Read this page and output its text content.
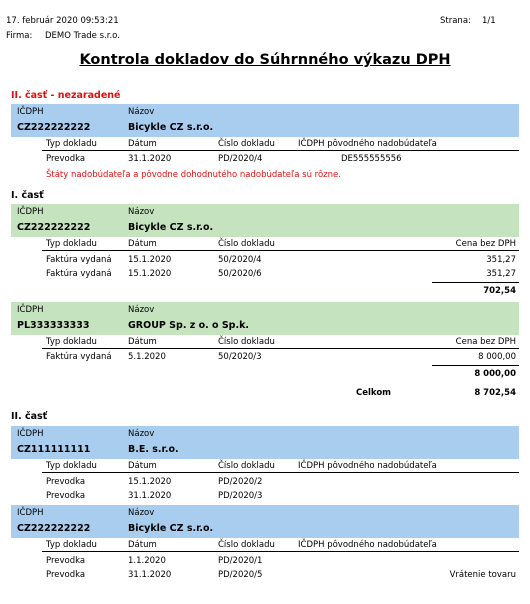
17. február 2020 09:53:21
Firma: DEMO Trade s.r.o.
Strana: 1/1
Kontrola dokladov do Súhrnného výkazu DPH
II. časť - nezaradené
IČDPH	Názov
CZ222222222	Bicykle CZ s.r.o.
Typ dokladu	Dátum	Číslo dokladu	IČDPH pôvodného nadobúdateľa
Prevodka	31.1.2020	PD/2020/4	DE555555556
Štáty nadobúdateľa a pôvodne dohodnutého nadobúdateľa sú rôzne.
I. časť
IČDPH	Názov
CZ222222222	Bicykle CZ s.r.o.
Typ dokladu	Dátum	Číslo dokladu	Cena bez DPH
Faktúra vydaná 15.1.2020	50/2020/4	351,27
Faktúra vydaná 15.1.2020	50/2020/6	351,27
702,54
IČDPH	Názov
PL333333333	GROUP Sp. z o. o Sp.k.
Typ dokladu	Dátum	Číslo dokladu	Cena bez DPH
Faktúra vydaná 5.1.2020	50/2020/3	8 000,00
8 000,00
Celkom	8 702,54
II. časť
IČDPH	Názov
CZ111111111	B.E. s.r.o.
Typ dokladu	Dátum	Číslo dokladu	IČDPH pôvodného nadobúdateľa
Prevodka	15.1.2020	PD/2020/2
Prevodka	31.1.2020	PD/2020/3
IČDPH	Názov
CZ222222222	Bicykle CZ s.r.o.
Typ dokladu	Dátum	Číslo dokladu	IČDPH pôvodného nadobúdateľa
Prevodka	1.1.2020	PD/2020/1
Prevodka	31.1.2020	PD/2020/5	Vrátenie tovaru
